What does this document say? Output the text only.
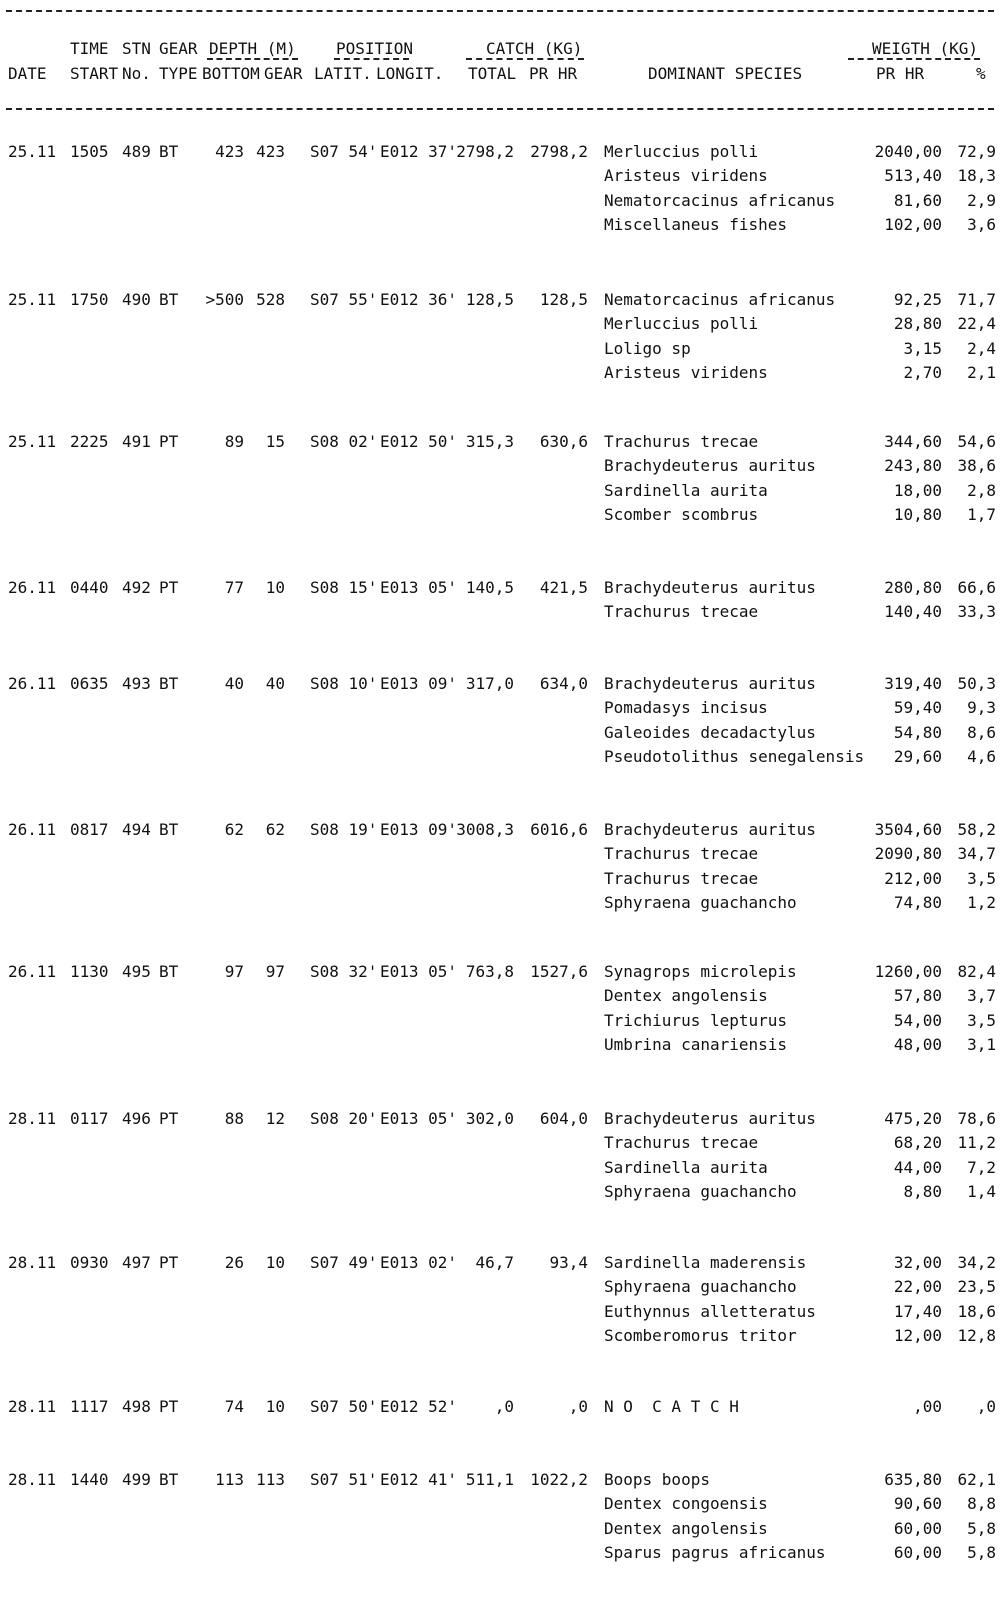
TIME STN GEAR DEPTH (M)	POSITION	CATCH (KG)	WEIGTH (KG)
DATE START No. TYPE BOTTOM GEAR LATIT. LONGIT. TOTAL PR HR	DOMINANT SPECIES	PR HR	%
25.11 1505 489 BT 423 423 S07 54' E012 37' 2798,2 2798,2 Merluccius polli	2040,00 72,9
Aristeus viridens	513,40 18,3
Nematorcacinus africanus	81,60 2,9
Miscellaneus fishes	102,00 3,6
25.11 1750 490 BT >500 528 S07 55' E012 36' 128,5 128,5 Nematorcacinus africanus	92,25 71,7
Merluccius polli	28,80 22,4
Loligo sp	3,15 2,4
Aristeus viridens	2,70 2,1
25.11 2225 491 PT	89 15 S08 02' E012 50' 315,3 630,6 Trachurus trecae	344,60 54,6
Brachydeuterus auritus	243,80 38,6
Sardinella aurita	18,00 2,8
Scomber scombrus	10,80 1,7
26.11 0440 492 PT	77 10 S08 15' E013 05' 140,5 421,5 Brachydeuterus auritus	280,80 66,6
Trachurus trecae	140,40 33,3
26.11 0635 493 BT	40 40 S08 10' E013 09' 317,0 634,0 Brachydeuterus auritus	319,40 50,3
Pomadasys incisus	59,40 9,3
Galeoides decadactylus	54,80 8,6
Pseudotolithus senegalensis 29,60 4,6
26.11 0817 494 BT	62 62 S08 19' E013 09' 3008,3 6016,6 Brachydeuterus auritus	3504,60 58,2
Trachurus trecae	2090,80 34,7
Trachurus trecae	212,00 3,5
Sphyraena guachancho	74,80 1,2
26.11 1130 495 BT	97 97 S08 32' E013 05' 763,8 1527,6 Synagrops microlepis	1260,00 82,4
Dentex angolensis	57,80 3,7
Trichiurus lepturus	54,00 3,5
Umbrina canariensis	48,00 3,1
28.11 0117 496 PT	88 12 S08 20' E013 05' 302,0 604,0 Brachydeuterus auritus	475,20 78,6
Trachurus trecae	68,20 11,2
Sardinella aurita	44,00 7,2
Sphyraena guachancho	8,80 1,4
28.11 0930 497 PT	26 10 S07 49' E013 02' 46,7 93,4 Sardinella maderensis	32,00 34,2
Sphyraena guachancho	22,00 23,5
Euthynnus alletteratus	17,40 18,6
Scomberomorus tritor	12,00 12,8
28.11 1117 498 PT	74 10 S07 50' E012 52' ,0	,0 N O  C A T C H	,00 ,0
28.11 1440 499 BT 113 113 S07 51' E012 41' 511,1 1022,2 Boops boops	635,80 62,1
Dentex congoensis	90,60 8,8
Dentex angolensis	60,00 5,8
Sparus pagrus africanus	60,00 5,8
